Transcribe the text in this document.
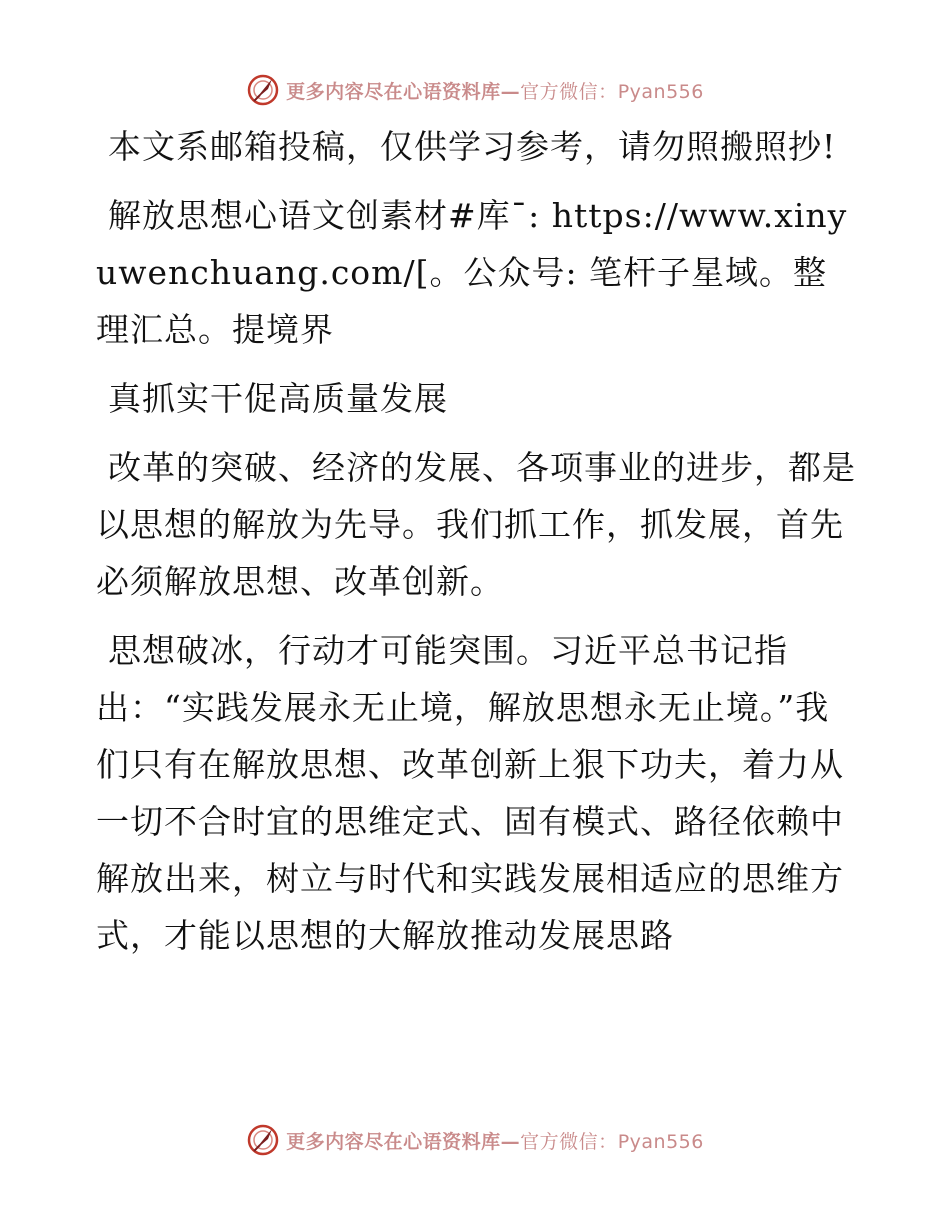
更多内容尽在心语资料库—官方微信：Pyan556

本文系邮箱投稿，仅供学习参考，请勿照搬照抄!

解放思想心语文创素材#库¯: https://www.xinyuwenchuang.com/[。公众号: 笔杆子星域。整理汇总。提境界

真抓实干促高质量发展

改革的突破、经济的发展、各项事业的进步，都是以思想的解放为先导。我们抓工作，抓发展，首先必须解放思想、改革创新。

思想破冰，行动才可能突围。习近平总书记指出：“实践发展永无止境，解放思想永无止境。”我们只有在解放思想、改革创新上狠下功夫，着力从一切不合时宜的思维定式、固有模式、路径依赖中解放出来，树立与时代和实践发展相适应的思维方式，才能以思想的大解放推动发展思路

更多内容尽在心语资料库—官方微信：Pyan556
